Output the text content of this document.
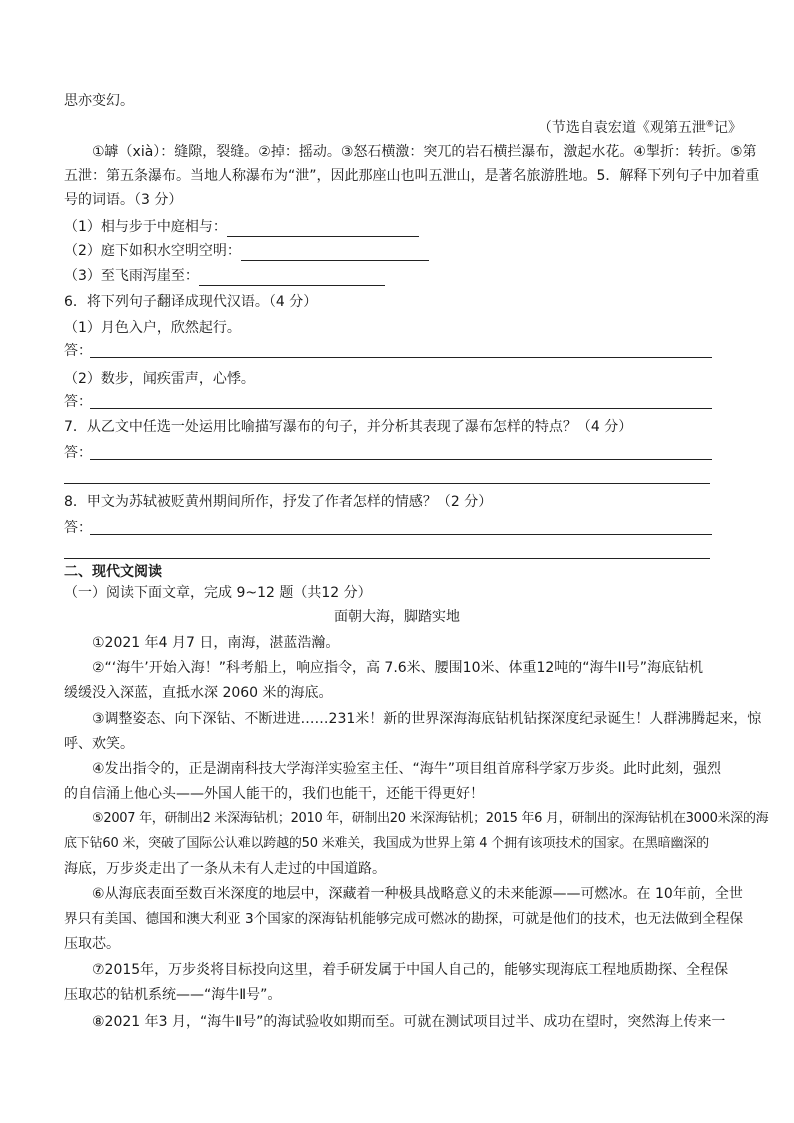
思亦变幻。
（节选自袁宏道《观第五泄⑥记》
①罅（xià）：缝隙，裂缝。②掉：摇动。③怒石横激：突兀的岩石横拦瀑布，激起水花。④掣折：转折。⑤第
五泄：第五条瀑布。当地人称瀑布为“泄”，因此那座山也叫五泄山，是著名旅游胜地。5．解释下列句子中加着重
号的词语。（3 分）
（1）相与步于中庭相与：
（2）庭下如积水空明空明：
（3）至飞雨泻崖至：
6．将下列句子翻译成现代汉语。（4 分）
（1）月色入户，欣然起行。
答：
（2）数步，闻疾雷声，心悸。
答：
7．从乙文中任选一处运用比喻描写瀑布的句子，并分析其表现了瀑布怎样的特点？（4 分）
答：
8．甲文为苏轼被贬黄州期间所作，抒发了作者怎样的情感？（2 分）
答：
二、现代文阅读
（一）阅读下面文章，完成 9~12 题（共12 分）
面朝大海，脚踏实地
①2021 年4 月7 日，南海，湛蓝浩瀚。
②“‘海牛’开始入海！”科考船上，响应指令，高 7.6米、腰围10米、体重12吨的“海牛II号”海底钻机
缓缓没入深蓝，直抵水深 2060 米的海底。
③调整姿态、向下深钻、不断进进……231米！新的世界深海海底钻机钻探深度纪录诞生！人群沸腾起来，惊
呼、欢笑。
④发出指令的，正是湖南科技大学海洋实验室主任、“海牛”项目组首席科学家万步炎。此时此刻，强烈
的自信涌上他心头——外国人能干的，我们也能干，还能干得更好！
⑤2007 年，研制出2 米深海钻机；2010 年，研制出20 米深海钻机；2015 年6 月，研制出的深海钻机在3000米深的海
底下钻60 米，突破了国际公认难以跨越的50 米难关，我国成为世界上第 4 个拥有该项技术的国家。在黑暗幽深的
海底，万步炎走出了一条从未有人走过的中国道路。
⑥从海底表面至数百米深度的地层中，深藏着一种极具战略意义的未来能源——可燃冰。在 10年前，全世
界只有美国、德国和澳大利亚 3个国家的深海钻机能够完成可燃冰的勘探，可就是他们的技术，也无法做到全程保
压取芯。
⑦2015年，万步炎将目标投向这里，着手研发属于中国人自己的，能够实现海底工程地质勘探、全程保
压取芯的钻机系统——“海牛Ⅱ号”。
⑧2021 年3 月，“海牛Ⅱ号”的海试验收如期而至。可就在测试项目过半、成功在望时，突然海上传来一
